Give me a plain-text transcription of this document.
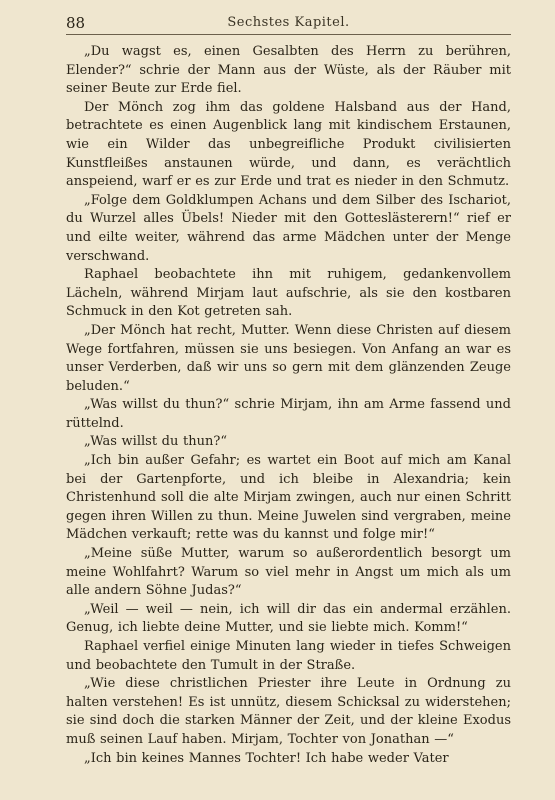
88	Sechstes Kapitel.

„Du wagst es, einen Gesalbten des Herrn zu berühren, Elender?“ schrie der Mann aus der Wüste, als der Räuber mit seiner Beute zur Erde fiel.

Der Mönch zog ihm das goldene Halsband aus der Hand, betrachtete es einen Augenblick lang mit kindischem Erstaunen, wie ein Wilder das unbegreifliche Produkt civilisierten Kunstfleißes anstaunen würde, und dann, es verächtlich anspeiend, warf er es zur Erde und trat es nieder in den Schmutz.

„Folge dem Goldklumpen Achans und dem Silber des Ischariot, du Wurzel alles Übels! Nieder mit den Gotteslästerern!“ rief er und eilte weiter, während das arme Mädchen unter der Menge verschwand.

Raphael beobachtete ihn mit ruhigem, gedankenvollem Lächeln, während Mirjam laut aufschrie, als sie den kostbaren Schmuck in den Kot getreten sah.

„Der Mönch hat recht, Mutter. Wenn diese Christen auf diesem Wege fortfahren, müssen sie uns besiegen. Von Anfang an war es unser Verderben, daß wir uns so gern mit dem glänzenden Zeuge beluden.“

„Was willst du thun?“ schrie Mirjam, ihn am Arme fassend und rüttelnd.

„Was willst du thun?“

„Ich bin außer Gefahr; es wartet ein Boot auf mich am Kanal bei der Gartenpforte, und ich bleibe in Alexandria; kein Christenhund soll die alte Mirjam zwingen, auch nur einen Schritt gegen ihren Willen zu thun. Meine Juwelen sind vergraben, meine Mädchen verkauft; rette was du kannst und folge mir!“

„Meine süße Mutter, warum so außerordentlich besorgt um meine Wohlfahrt? Warum so viel mehr in Angst um mich als um alle andern Söhne Judas?“

„Weil — weil — nein, ich will dir das ein andermal erzählen. Genug, ich liebte deine Mutter, und sie liebte mich. Komm!“

Raphael verfiel einige Minuten lang wieder in tiefes Schweigen und beobachtete den Tumult in der Straße.

„Wie diese christlichen Priester ihre Leute in Ordnung zu halten verstehen! Es ist unnütz, diesem Schicksal zu widerstehen; sie sind doch die starken Männer der Zeit, und der kleine Exodus muß seinen Lauf haben. Mirjam, Tochter von Jonathan —“

„Ich bin keines Mannes Tochter! Ich habe weder Vater
